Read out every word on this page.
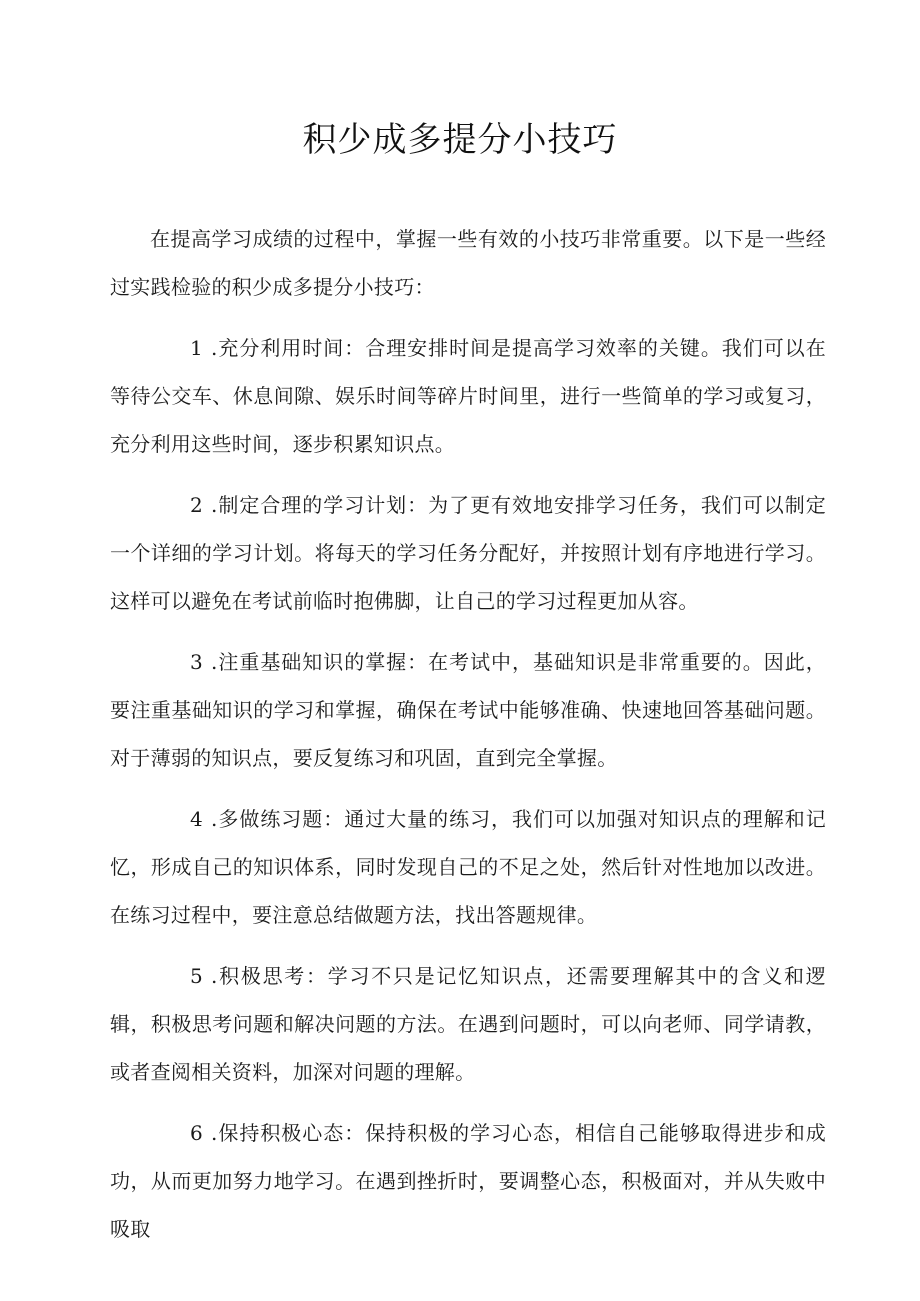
积少成多提分小技巧

在提高学习成绩的过程中，掌握一些有效的小技巧非常重要。以下是一些经过实践检验的积少成多提分小技巧：

1 .充分利用时间：合理安排时间是提高学习效率的关键。我们可以在等待公交车、休息间隙、娱乐时间等碎片时间里，进行一些简单的学习或复习，充分利用这些时间，逐步积累知识点。

2 .制定合理的学习计划：为了更有效地安排学习任务，我们可以制定一个详细的学习计划。将每天的学习任务分配好，并按照计划有序地进行学习。这样可以避免在考试前临时抱佛脚，让自己的学习过程更加从容。

3 .注重基础知识的掌握：在考试中，基础知识是非常重要的。因此，要注重基础知识的学习和掌握，确保在考试中能够准确、快速地回答基础问题。对于薄弱的知识点，要反复练习和巩固，直到完全掌握。

4 .多做练习题：通过大量的练习，我们可以加强对知识点的理解和记忆，形成自己的知识体系，同时发现自己的不足之处，然后针对性地加以改进。在练习过程中，要注意总结做题方法，找出答题规律。

5 .积极思考：学习不只是记忆知识点，还需要理解其中的含义和逻辑，积极思考问题和解决问题的方法。在遇到问题时，可以向老师、同学请教，或者查阅相关资料，加深对问题的理解。

6 .保持积极心态：保持积极的学习心态，相信自己能够取得进步和成功，从而更加努力地学习。在遇到挫折时，要调整心态，积极面对，并从失败中吸取
